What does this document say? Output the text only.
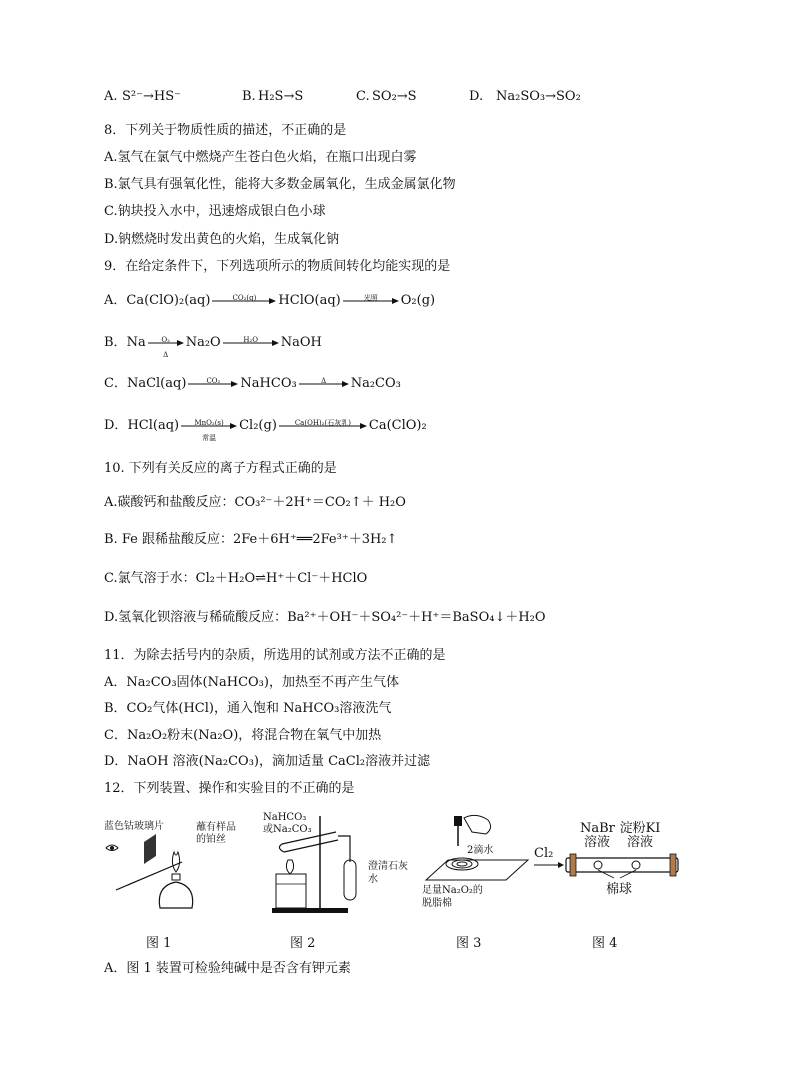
A. S²⁻→HS⁻	B. H₂S→S	C. SO₂→S	D. Na₂SO₃→SO₂
8．下列关于物质性质的描述，不正确的是
A.氢气在氯气中燃烧产生苍白色火焰，在瓶口出现白雾
B.氯气具有强氧化性，能将大多数金属氧化，生成金属氯化物
C.钠块投入水中，迅速熔成银白色小球
D.钠燃烧时发出黄色的火焰，生成氧化钠
9．在给定条件下，下列选项所示的物质间转化均能实现的是
A．Ca(ClO)₂(aq)	CO₂(g)	HClO(aq)	光照	O₂(g)
B．Na	O₂
Δ
Na₂O	H₂O	NaOH
C．NaCl(aq)	CO₂	NaHCO₃	Δ	Na₂CO₃
D．HCl(aq)	MnO₂(s)
常温
Cl₂(g)	Ca(OH)₂(石灰乳)	Ca(ClO)₂
10. 下列有关反应的离子方程式正确的是
A.碳酸钙和盐酸反应：CO₃²⁻＋2H⁺＝CO₂↑＋ H₂O
B. Fe 跟稀盐酸反应：2Fe＋6H⁺══2Fe³⁺＋3H₂↑
C.氯气溶于水：Cl₂＋H₂O⇌H⁺＋Cl⁻＋HClO
D.氢氧化钡溶液与稀硫酸反应：Ba²⁺＋OH⁻＋SO₄²⁻＋H⁺＝BaSO₄↓＋H₂O
11．为除去括号内的杂质，所选用的试剂或方法不正确的是
A．Na₂CO₃固体(NaHCO₃)，加热至不再产生气体
B．CO₂气体(HCl)，通入饱和 NaHCO₃溶液洗气
C．Na₂O₂粉末(Na₂O)，将混合物在氧气中加热
D．NaOH 溶液(Na₂CO₃)，滴加适量 CaCl₂溶液并过滤
12．下列装置、操作和实验目的不正确的是
蓝色钴玻璃片	蘸有样品的铂丝
NaHCO₃
或Na₂CO₃
澄清石灰水
2滴水
足量Na₂O₂的脱脂棉
Cl₂
NaBr溶液
淀粉KI溶液
棉球
图 1	图 2	图 3	图 4
A．图 1 装置可检验纯碱中是否含有钾元素
